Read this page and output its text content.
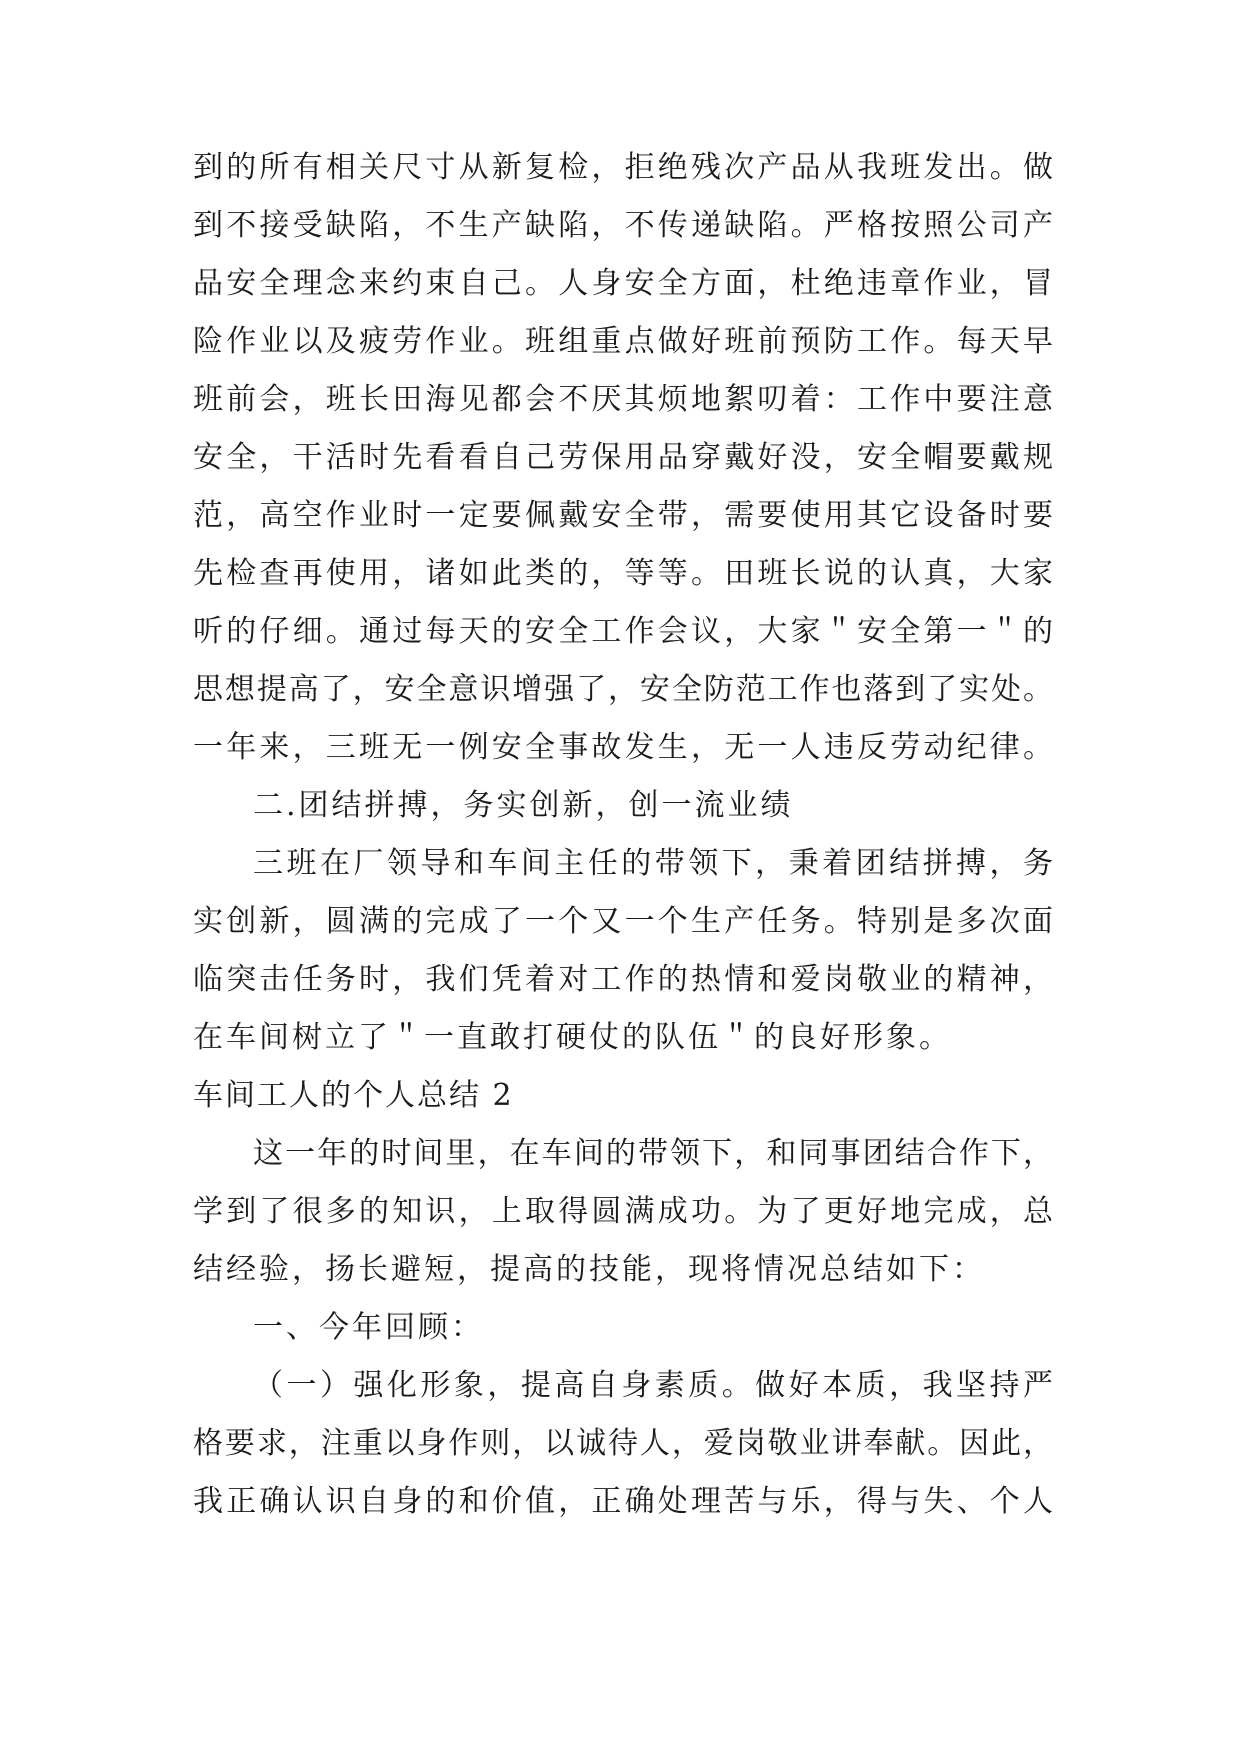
到的所有相关尺寸从新复检，拒绝残次产品从我班发出。做
到不接受缺陷，不生产缺陷，不传递缺陷。严格按照公司产
品安全理念来约束自己。人身安全方面，杜绝违章作业，冒
险作业以及疲劳作业。班组重点做好班前预防工作。每天早
班前会，班长田海见都会不厌其烦地絮叨着：工作中要注意
安全，干活时先看看自己劳保用品穿戴好没，安全帽要戴规
范，高空作业时一定要佩戴安全带，需要使用其它设备时要
先检查再使用，诸如此类的，等等。田班长说的认真，大家
听的仔细。通过每天的安全工作会议，大家＂安全第一＂的
思想提高了，安全意识增强了，安全防范工作也落到了实处。
一年来，三班无一例安全事故发生，无一人违反劳动纪律。
二.团结拼搏，务实创新，创一流业绩
三班在厂领导和车间主任的带领下，秉着团结拼搏，务
实创新，圆满的完成了一个又一个生产任务。特别是多次面
临突击任务时，我们凭着对工作的热情和爱岗敬业的精神，
在车间树立了＂一直敢打硬仗的队伍＂的良好形象。
车间工人的个人总结 2
这一年的时间里，在车间的带领下，和同事团结合作下，
学到了很多的知识，上取得圆满成功。为了更好地完成，总
结经验，扬长避短，提高的技能，现将情况总结如下：
一、今年回顾：
（一）强化形象，提高自身素质。做好本质，我坚持严
格要求，注重以身作则，以诚待人，爱岗敬业讲奉献。因此，
我正确认识自身的和价值，正确处理苦与乐，得与失、个人
